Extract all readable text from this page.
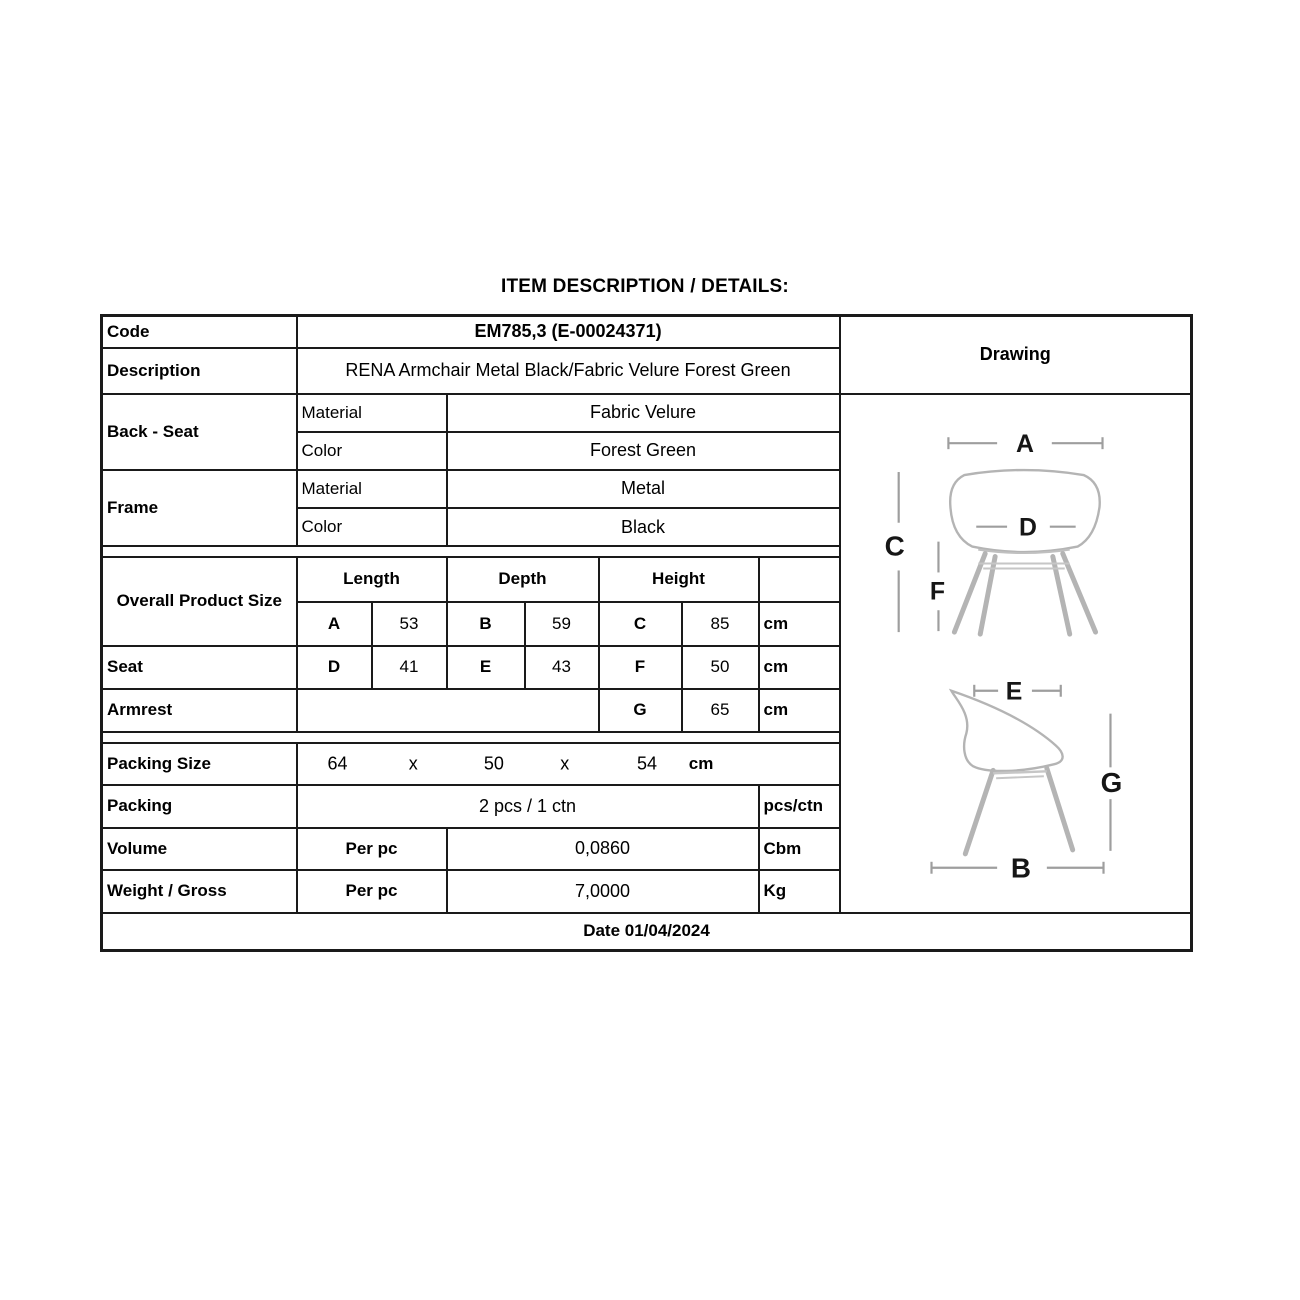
ITEM DESCRIPTION / DETAILS:
Code	EM785,3 (E-00024371)							Drawing
Description	RENA Armchair Metal Black/Fabric Velure Forest Green							
Back - Seat	Material	Fabric Velure	
A
C
D
F
E
G
B

	Color		Forest Green					
Frame	Material		Metal					
	Color		Black					

Overall Product Size	Length		Depth		Height			
	A	53	B	59	C	85	cm	
Seat	D	41	E	43	F	50	cm	
Armrest					G	65	cm	

Packing Size	64	x	50	x	54 cm

Packing	2 pcs / 1 ctn						pcs/ctn	
Volume	Per pc		0,0860				Cbm	
Weight / Gross	Per pc		7,0000				Kg	
Date 01/04/2024								
